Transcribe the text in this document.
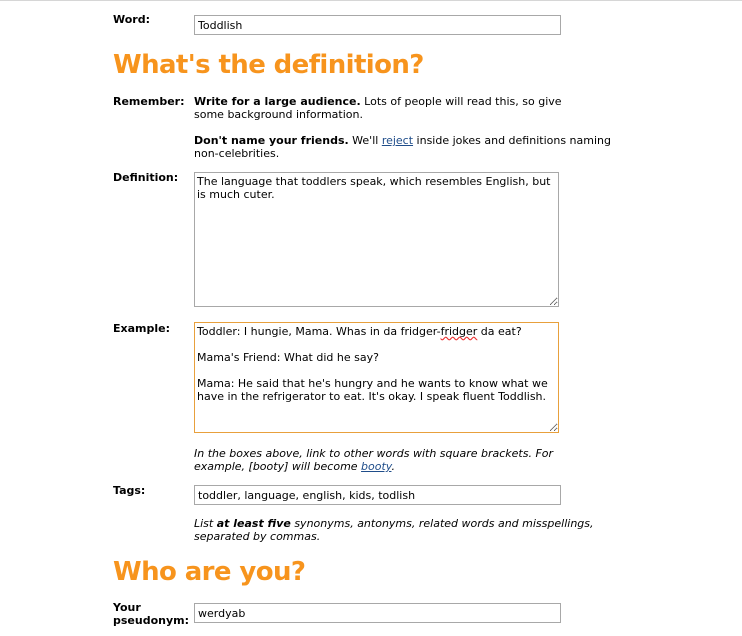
Word:
Toddlish
What's the definition?
Remember: Write for a large audience. Lots of people will read this, so give some background information.
Don't name your friends. We'll reject inside jokes and definitions naming non-celebrities.
Definition:
The language that toddlers speak, which resembles English, but is much cuter.
Example: Toddler: I hungie, Mama. Whas in da fridger-fridger da eat?
Mama's Friend: What did he say?
Mama: He said that he's hungry and he wants to know what we have in the refrigerator to eat. It's okay. I speak fluent Toddlish.
In the boxes above, link to other words with square brackets. For example, [booty] will become booty.
Tags:
toddler, language, english, kids, todlish
List at least five synonyms, antonyms, related words and misspellings, separated by commas.
Who are you?
Your
pseudonym:
werdyab
